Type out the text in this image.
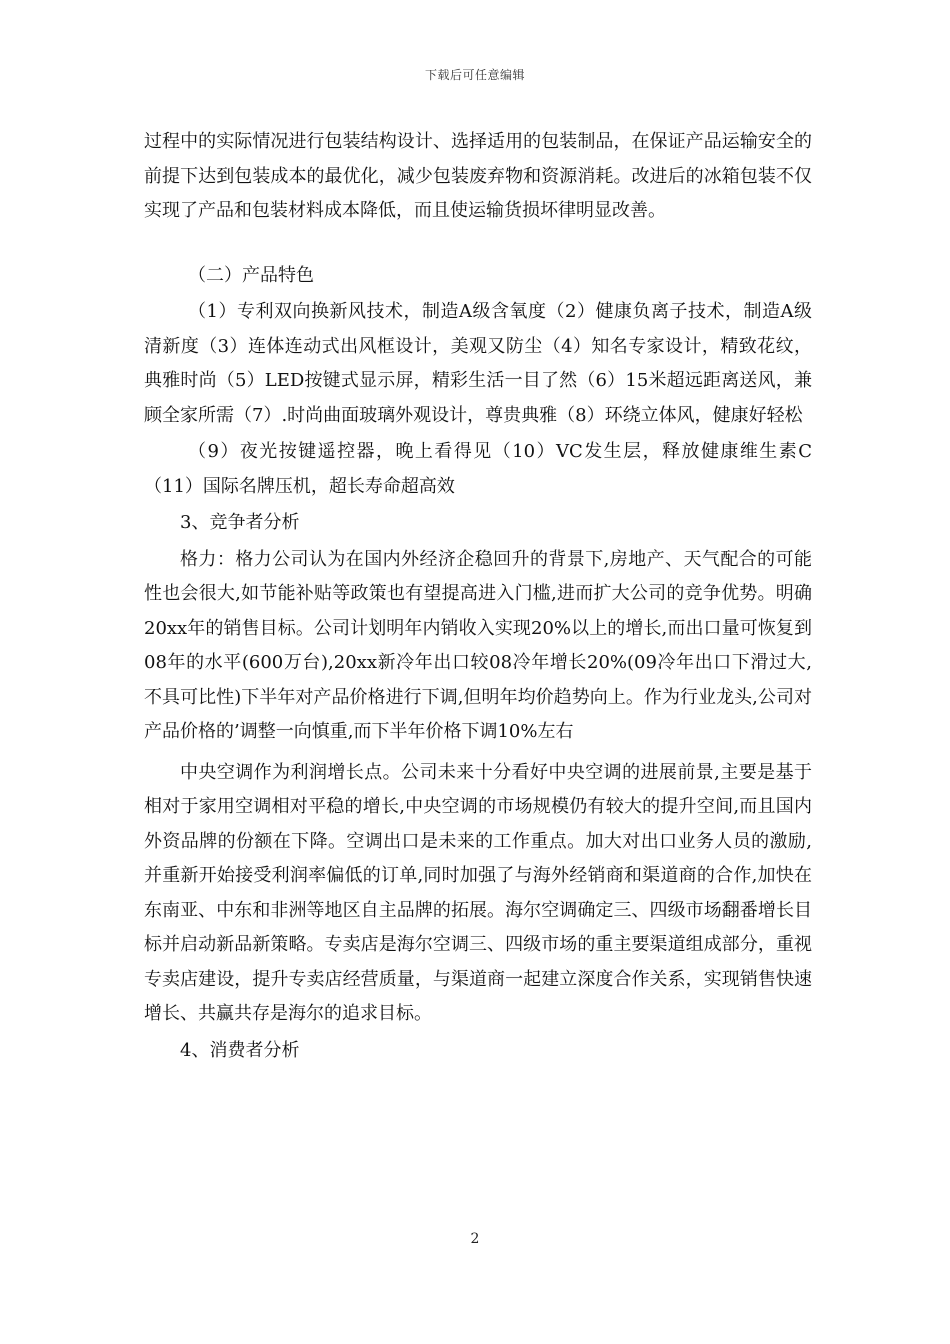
下载后可任意编辑

过程中的实际情况进行包装结构设计、选择适用的包装制品，在保证产品运输安全的前提下达到包装成本的最优化，减少包装废弃物和资源消耗。改进后的冰箱包装不仅实现了产品和包装材料成本降低，而且使运输货损坏律明显改善。

（二）产品特色

（1）专利双向换新风技术，制造A级含氧度（2）健康负离子技术，制造A级清新度（3）连体连动式出风框设计，美观又防尘（4）知名专家设计，精致花纹，典雅时尚（5）LED按键式显示屏，精彩生活一目了然（6）15米超远距离送风，兼顾全家所需（7）.时尚曲面玻璃外观设计，尊贵典雅（8）环绕立体风，健康好轻松

（9）夜光按键遥控器，晚上看得见（10）VC发生层，释放健康维生素C（11）国际名牌压机，超长寿命超高效

3、竞争者分析

格力：格力公司认为在国内外经济企稳回升的背景下,房地产、天气配合的可能性也会很大,如节能补贴等政策也有望提高进入门槛,进而扩大公司的竞争优势。明确20xx年的销售目标。公司计划明年内销收入实现20%以上的增长,而出口量可恢复到08年的水平(600万台),20xx新冷年出口较08冷年增长20%(09冷年出口下滑过大,不具可比性)下半年对产品价格进行下调,但明年均价趋势向上。作为行业龙头,公司对产品价格的’调整一向慎重,而下半年价格下调10%左右

中央空调作为利润增长点。公司未来十分看好中央空调的进展前景,主要是基于相对于家用空调相对平稳的增长,中央空调的市场规模仍有较大的提升空间,而且国内外资品牌的份额在下降。空调出口是未来的工作重点。加大对出口业务人员的激励,并重新开始接受利润率偏低的订单,同时加强了与海外经销商和渠道商的合作,加快在东南亚、中东和非洲等地区自主品牌的拓展。海尔空调确定三、四级市场翻番增长目标并启动新品新策略。专卖店是海尔空调三、四级市场的重主要渠道组成部分，重视专卖店建设，提升专卖店经营质量，与渠道商一起建立深度合作关系，实现销售快速增长、共赢共存是海尔的追求目标。

4、消费者分析

2
